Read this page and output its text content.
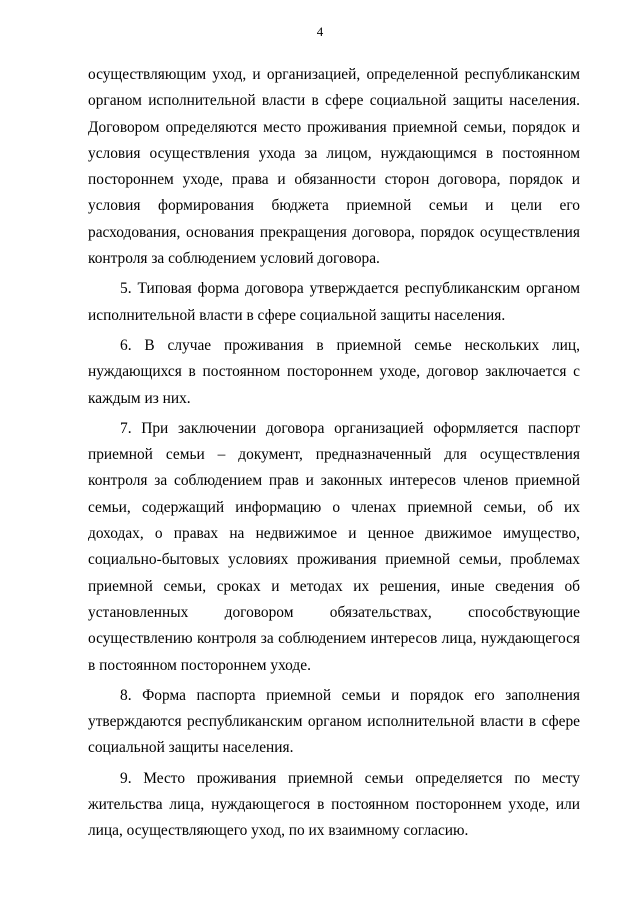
4

осуществляющим уход, и организацией, определенной республиканским органом исполнительной власти в сфере социальной защиты населения. Договором определяются место проживания приемной семьи, порядок и условия осуществления ухода за лицом, нуждающимся в постоянном постороннем уходе, права и обязанности сторон договора, порядок и условия формирования бюджета приемной семьи и цели его расходования, основания прекращения договора, порядок осуществления контроля за соблюдением условий договора.

5. Типовая форма договора утверждается республиканским органом исполнительной власти в сфере социальной защиты населения.

6. В случае проживания в приемной семье нескольких лиц, нуждающихся в постоянном постороннем уходе, договор заключается с каждым из них.

7. При заключении договора организацией оформляется паспорт приемной семьи – документ, предназначенный для осуществления контроля за соблюдением прав и законных интересов членов приемной семьи, содержащий информацию о членах приемной семьи, об их доходах, о правах на недвижимое и ценное движимое имущество, социально-бытовых условиях проживания приемной семьи, проблемах приемной семьи, сроках и методах их решения, иные сведения об установленных договором обязательствах, способствующие осуществлению контроля за соблюдением интересов лица, нуждающегося в постоянном постороннем уходе.

8. Форма паспорта приемной семьи и порядок его заполнения утверждаются республиканским органом исполнительной власти в сфере социальной защиты населения.

9. Место проживания приемной семьи определяется по месту жительства лица, нуждающегося в постоянном постороннем уходе, или лица, осуществляющего уход, по их взаимному согласию.
